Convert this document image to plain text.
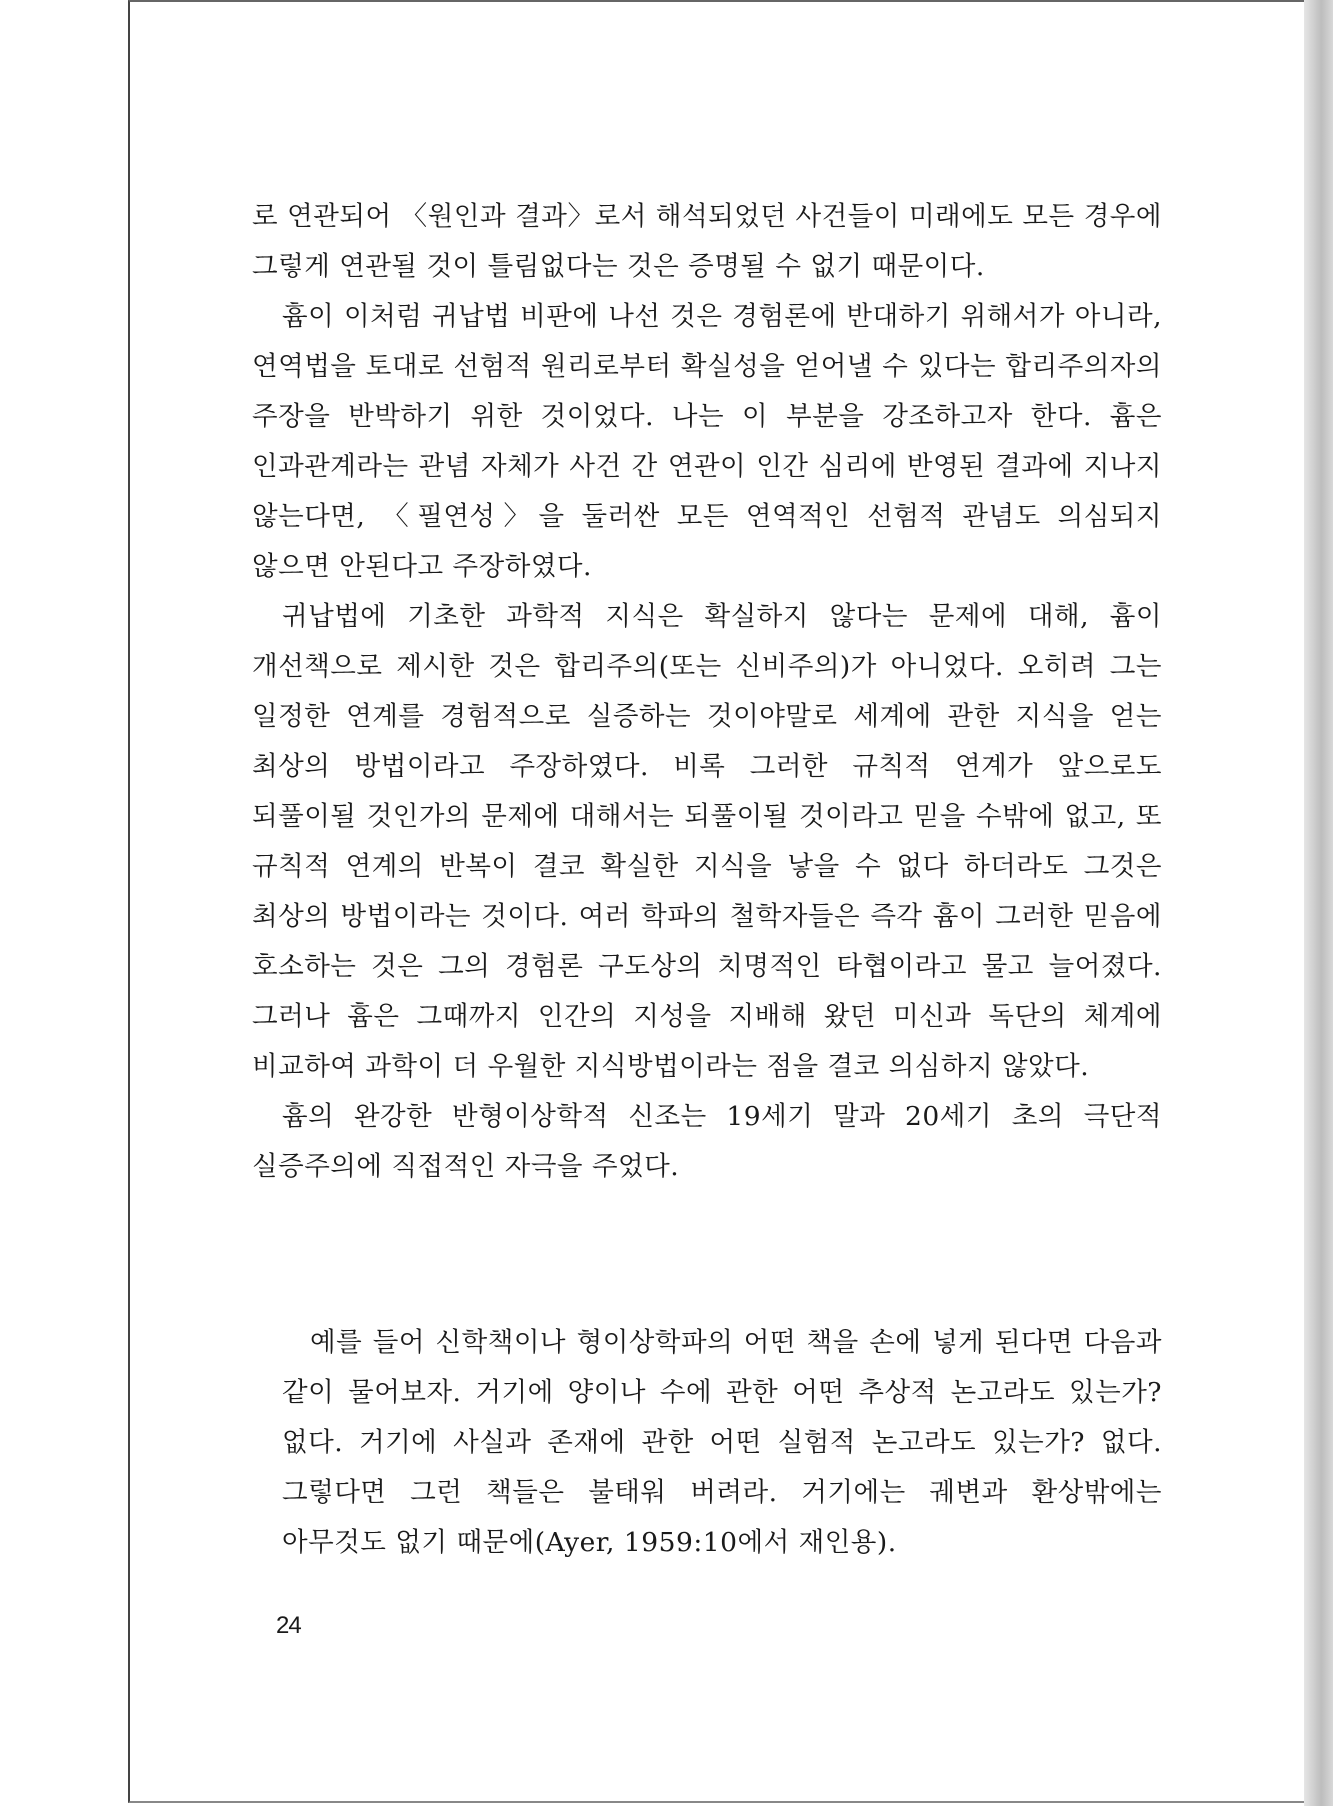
로 연관되어 〈원인과 결과〉로서 해석되었던 사건들이 미래에도 모든 경우에 그렇게 연관될 것이 틀림없다는 것은 증명될 수 없기 때문이다.

흄이 이처럼 귀납법 비판에 나선 것은 경험론에 반대하기 위해서가 아니라, 연역법을 토대로 선험적 원리로부터 확실성을 얻어낼 수 있다는 합리주의자의 주장을 반박하기 위한 것이었다. 나는 이 부분을 강조하고자 한다. 흄은 인과관계라는 관념 자체가 사건 간 연관이 인간 심리에 반영된 결과에 지나지 않는다면, 〈필연성〉을 둘러싼 모든 연역적인 선험적 관념도 의심되지 않으면 안된다고 주장하였다.

귀납법에 기초한 과학적 지식은 확실하지 않다는 문제에 대해, 흄이 개선책으로 제시한 것은 합리주의(또는 신비주의)가 아니었다. 오히려 그는 일정한 연계를 경험적으로 실증하는 것이야말로 세계에 관한 지식을 얻는 최상의 방법이라고 주장하였다. 비록 그러한 규칙적 연계가 앞으로도 되풀이될 것인가의 문제에 대해서는 되풀이될 것이라고 믿을 수밖에 없고, 또 규칙적 연계의 반복이 결코 확실한 지식을 낳을 수 없다 하더라도 그것은 최상의 방법이라는 것이다. 여러 학파의 철학자들은 즉각 흄이 그러한 믿음에 호소하는 것은 그의 경험론 구도상의 치명적인 타협이라고 물고 늘어졌다. 그러나 흄은 그때까지 인간의 지성을 지배해 왔던 미신과 독단의 체계에 비교하여 과학이 더 우월한 지식방법이라는 점을 결코 의심하지 않았다.

흄의 완강한 반형이상학적 신조는 19세기 말과 20세기 초의 극단적 실증주의에 직접적인 자극을 주었다.

예를 들어 신학책이나 형이상학파의 어떤 책을 손에 넣게 된다면 다음과 같이 물어보자. 거기에 양이나 수에 관한 어떤 추상적 논고라도 있는가? 없다. 거기에 사실과 존재에 관한 어떤 실험적 논고라도 있는가? 없다. 그렇다면 그런 책들은 불태워 버려라. 거기에는 궤변과 환상밖에는 아무것도 없기 때문에(Ayer, 1959:10에서 재인용).

24
